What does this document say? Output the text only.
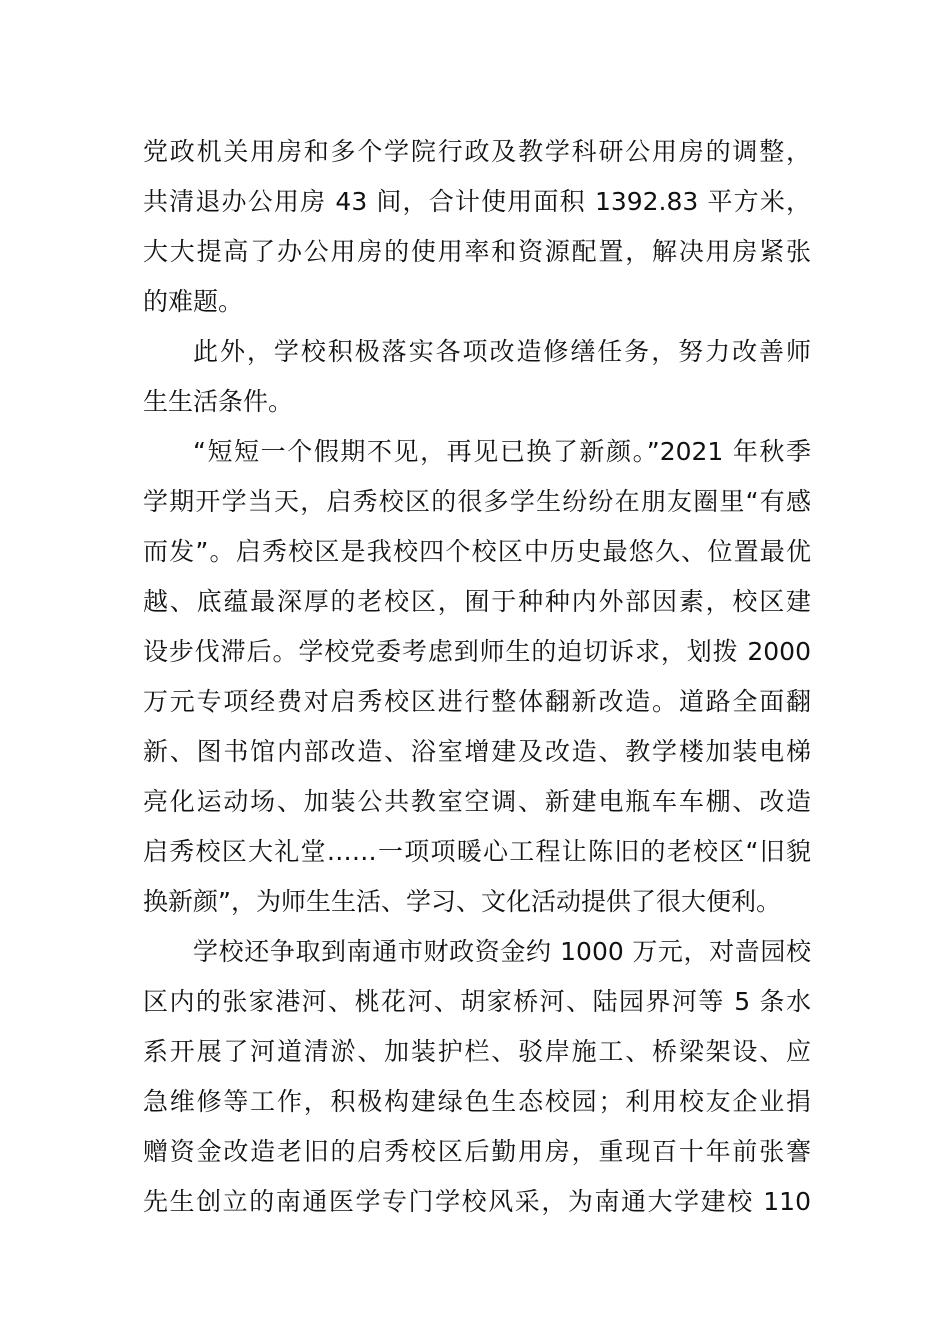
党政机关用房和多个学院行政及教学科研公用房的调整，
共清退办公用房 43 间，合计使用面积 1392.83 平方米，
大大提高了办公用房的使用率和资源配置，解决用房紧张
的难题。
此外，学校积极落实各项改造修缮任务，努力改善师
生生活条件。
“短短一个假期不见，再见已换了新颜。”2021 年秋季
学期开学当天，启秀校区的很多学生纷纷在朋友圈里“有感
而发”。启秀校区是我校四个校区中历史最悠久、位置最优
越、底蕴最深厚的老校区，囿于种种内外部因素，校区建
设步伐滞后。学校党委考虑到师生的迫切诉求，划拨 2000
万元专项经费对启秀校区进行整体翻新改造。道路全面翻
新、图书馆内部改造、浴室增建及改造、教学楼加装电梯
亮化运动场、加装公共教室空调、新建电瓶车车棚、改造
启秀校区大礼堂……一项项暖心工程让陈旧的老校区“旧貌
换新颜”，为师生生活、学习、文化活动提供了很大便利。
学校还争取到南通市财政资金约 1000 万元，对啬园校
区内的张家港河、桃花河、胡家桥河、陆园界河等 5 条水
系开展了河道清淤、加装护栏、驳岸施工、桥梁架设、应
急维修等工作，积极构建绿色生态校园；利用校友企业捐
赠资金改造老旧的启秀校区后勤用房，重现百十年前张謇
先生创立的南通医学专门学校风采，为南通大学建校 110
